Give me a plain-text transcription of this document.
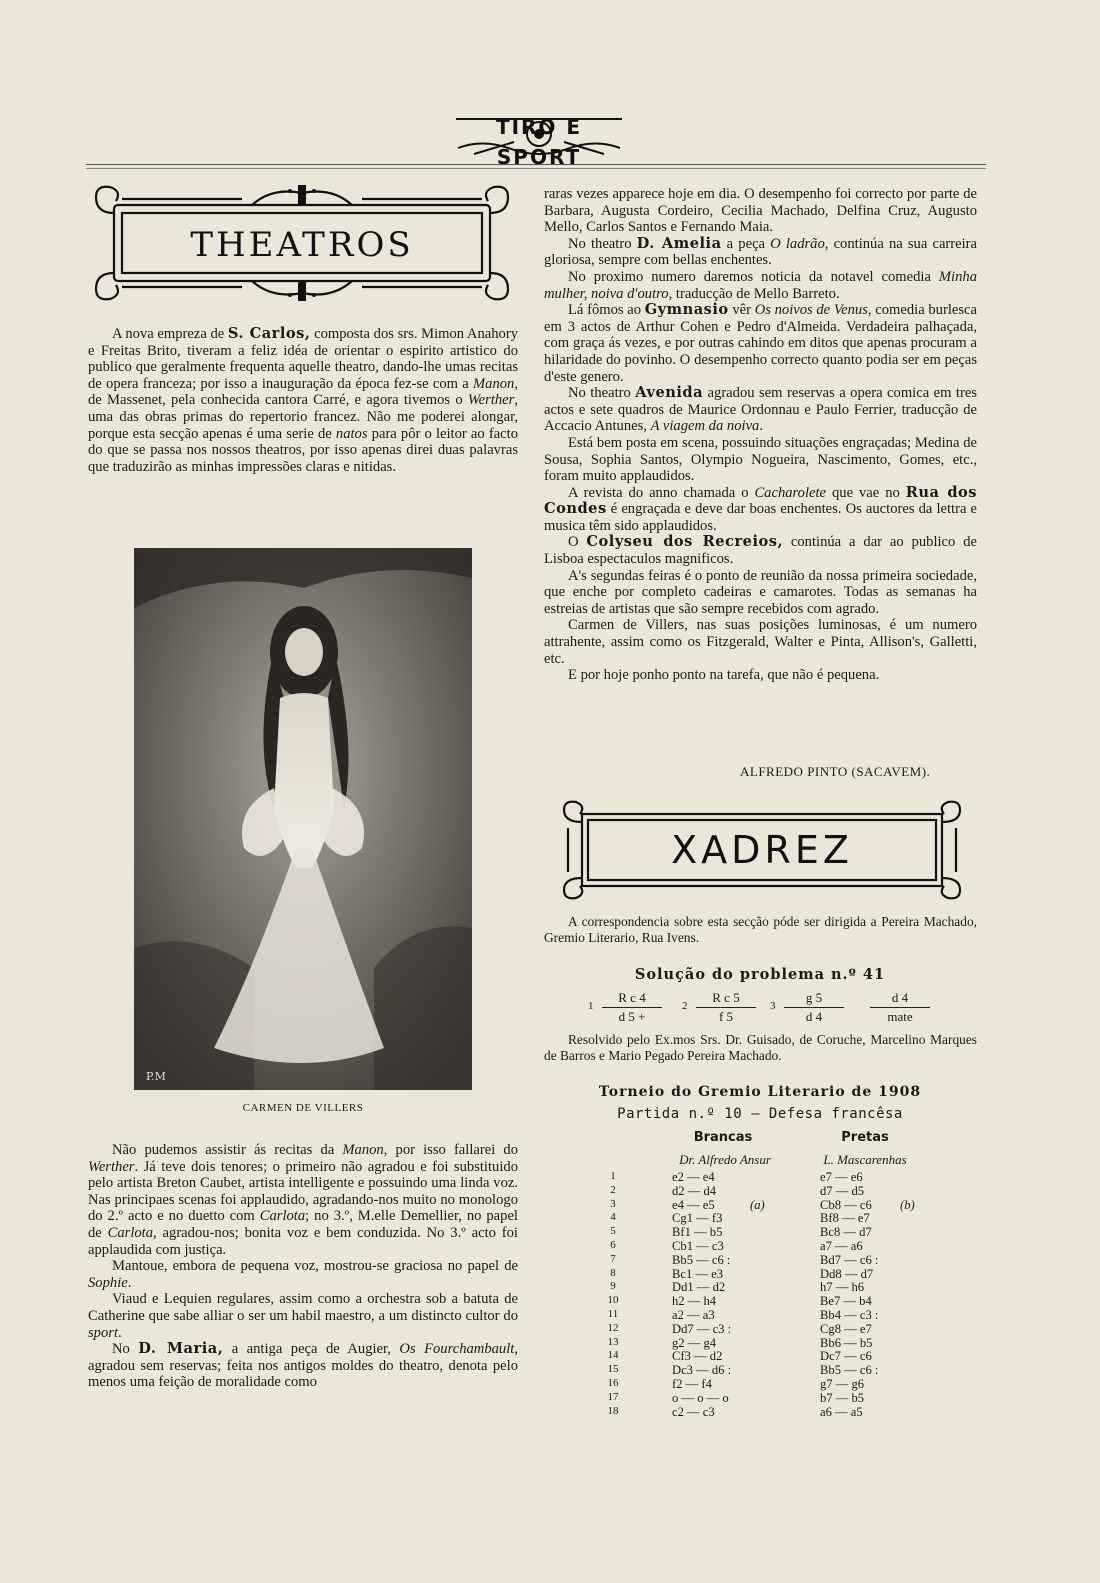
TIRO E SPORT
THEATROS

A nova empreza de S. Carlos, composta dos srs. Mimon Anahory e Freitas Brito, tiveram a feliz idéa de orientar o espirito artistico do publico que geralmente frequenta aquelle theatro, dando-lhe umas recitas de opera franceza; por isso a inauguração da época fez-se com a Manon, de Massenet, pela conhecida cantora Carré, e agora tivemos o Werther, uma das obras primas do repertorio francez. Não me poderei alongar, porque esta secção apenas é uma serie de natos para pôr o leitor ao facto do que se passa nos nossos theatros, por isso apenas direi duas palavras que traduzirão as minhas impressões claras e nitidas.

P.M
CARMEN DE VILLERS

Não pudemos assistir ás recitas da Manon, por isso fallarei do Werther. Já teve dois tenores; o primeiro não agradou e foi substituido pelo artista Breton Caubet, artista intelligente e possuindo uma linda voz. Nas principaes scenas foi applaudido, agradando-nos muito no monologo do 2.º acto e no duetto com Carlota; no 3.º, M.elle Demellier, no papel de Carlota, agradou-nos; bonita voz e bem conduzida. No 3.º acto foi applaudida com justiça.

Mantoue, embora de pequena voz, mostrou-se graciosa no papel de Sophie.

Viaud e Lequien regulares, assim como a orchestra sob a batuta de Catherine que sabe alliar o ser um habil maestro, a um distincto cultor do sport.

No D. Maria, a antiga peça de Augier, Os Fourchambault, agradou sem reservas; feita nos antigos moldes do theatro, denota pelo menos uma feição de moralidade como

raras vezes apparece hoje em dia. O desempenho foi correcto por parte de Barbara, Augusta Cordeiro, Cecilia Machado, Delfina Cruz, Augusto Mello, Carlos Santos e Fernando Maia.

No theatro D. Amelia a peça O ladrão, continúa na sua carreira gloriosa, sempre com bellas enchentes.

No proximo numero daremos noticia da notavel comedia Minha mulher, noiva d'outro, traducção de Mello Barreto.

Lá fômos ao Gymnasio vêr Os noivos de Venus, comedia burlesca em 3 actos de Arthur Cohen e Pedro d'Almeida. Verdadeira palhaçada, com graça ás vezes, e por outras cahindo em ditos que apenas procuram a hilaridade do povinho. O desempenho correcto quanto podia ser em peças d'este genero.

No theatro Avenida agradou sem reservas a opera comica em tres actos e sete quadros de Maurice Ordonnau e Paulo Ferrier, traducção de Accacio Antunes, A viagem da noiva.

Está bem posta em scena, possuindo situações engraçadas; Medina de Sousa, Sophia Santos, Olympio Nogueira, Nascimento, Gomes, etc., foram muito applaudidos.

A revista do anno chamada o Cacharolete que vae no Rua dos Condes é engraçada e deve dar boas enchentes. Os auctores da lettra e musica têm sido applaudidos.

O Colyseu dos Recreios, continúa a dar ao publico de Lisboa espectaculos magnificos.

A's segundas feiras é o ponto de reunião da nossa primeira sociedade, que enche por completo cadeiras e camarotes. Todas as semanas ha estreias de artistas que são sempre recebidos com agrado.

Carmen de Villers, nas suas posições luminosas, é um numero attrahente, assim como os Fitzgerald, Walter e Pinta, Allison's, Galletti, etc.

E por hoje ponho ponto na tarefa, que não é pequena.

ALFREDO PINTO (SACAVEM).
XADREZ

A correspondencia sobre esta secção póde ser dirigida a Pereira Machado, Gremio Literario, Rua Ivens.

Solução do problema n.º 41
$1 \frac{\text{R c 4}}{d 5 +} 2 \frac{\text{R c 5}}{f 5} 3 \frac{g 5}{d 4}$	d 4
mate

Resolvido pelo Ex.mos Srs. Dr. Guisado, de Coruche, Marcelino Marques de Barros e Mario Pegado Pereira Machado.

Torneio do Gremio Literario de 1908
Partida n.º 10 — Defesa francêsa
Brancas	Pretas
Dr. Alfredo Ansur	L. Mascarenhas
1	e2 — e4	e7 — e6
2	d2 — d4	d7 — d5
3	e4 — e5	(a)	Cb8 — c6 (b)
4	Cg1 — f3	Bf8 — e7
5	Bf1 — b5	Bc8 — d7
6	Cb1 — c3	a7 — a6
7	Bb5 — c6 :	Bd7 — c6 :
8	Bc1 — e3	Dd8 — d7
9	Dd1 — d2	h7 — h6
10	h2 — h4	Be7 — b4
11	a2 — a3	Bb4 — c3 :
12	Dd7 — c3 :	Cg8 — e7
13	g2 — g4	Bb6 — b5
14	Cf3 — d2	Dc7 — c6
15	Dc3 — d6 :	Bb5 — c6 :
16	f2 — f4	g7 — g6
17	o — o — o	b7 — b5
18	c2 — c3	a6 — a5
